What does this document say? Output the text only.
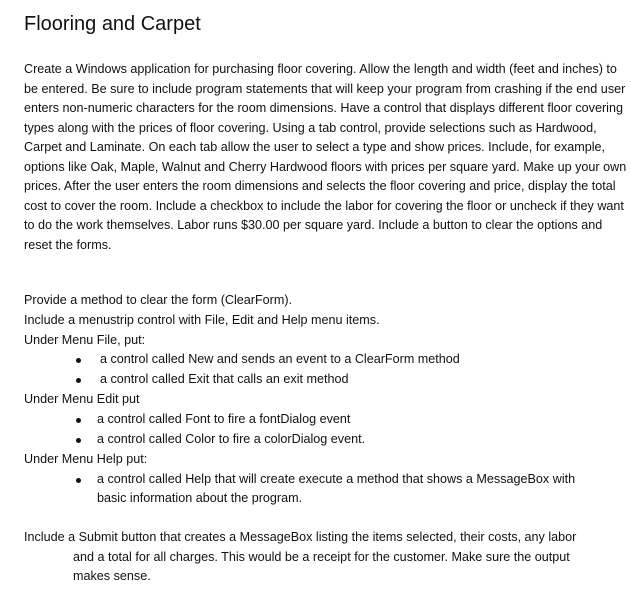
Flooring and Carpet

Create a Windows application for purchasing floor covering. Allow the length and width (feet and inches) to be entered. Be sure to include program statements that will keep your program from crashing if the end user enters non-numeric characters for the room dimensions. Have a control that displays different floor covering types along with the prices of floor covering. Using a tab control, provide selections such as Hardwood, Carpet and Laminate. On each tab allow the user to select a type and show prices. Include, for example, options like Oak, Maple, Walnut and Cherry Hardwood floors with prices per square yard. Make up your own prices. After the user enters the room dimensions and selects the floor covering and price, display the total cost to cover the room. Include a checkbox to include the labor for covering the floor or uncheck if they want to do the work themselves. Labor runs $30.00 per square yard. Include a button to clear the options and reset the forms.

Provide a method to clear the form (ClearForm).

Include a menustrip control with File, Edit and Help menu items.

Under Menu File, put:

a control called New and sends an event to a ClearForm method

a control called Exit that calls an exit method

Under Menu Edit put

a control called Font to fire a fontDialog event

a control called Color to fire a colorDialog event.

Under Menu Help put:

a control called Help that will create execute a method that shows a MessageBox with

basic information about the program.

Include a Submit button that creates a MessageBox listing the items selected, their costs, any labor

and a total for all charges. This would be a receipt for the customer. Make sure the output

makes sense.
